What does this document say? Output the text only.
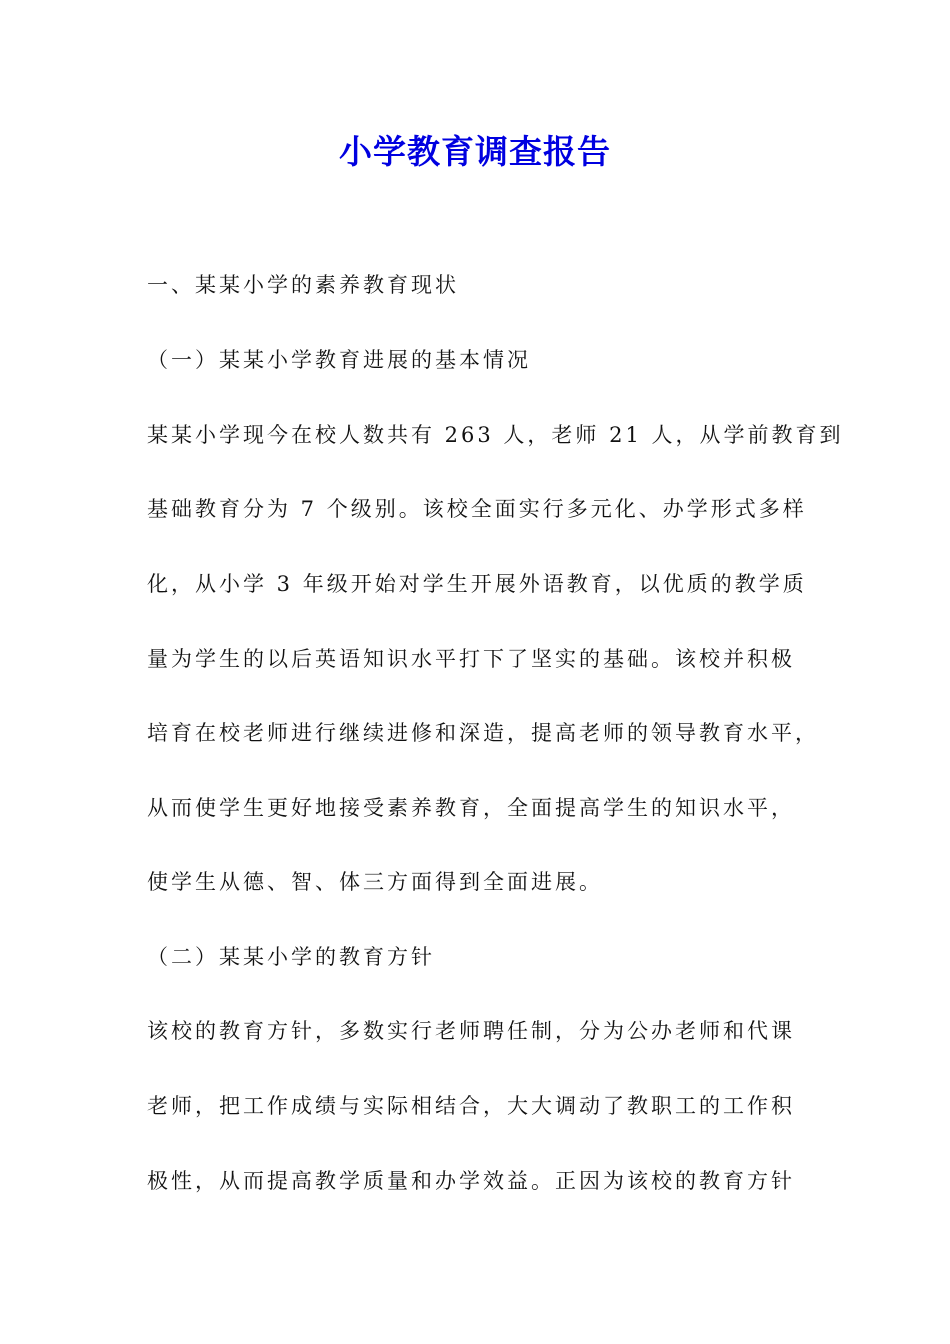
小学教育调查报告
一、某某小学的素养教育现状
（一）某某小学教育进展的基本情况
某某小学现今在校人数共有 263 人，老师 21 人，从学前教育到
基础教育分为 7 个级别。该校全面实行多元化、办学形式多样
化，从小学 3 年级开始对学生开展外语教育，以优质的教学质
量为学生的以后英语知识水平打下了坚实的基础。该校并积极
培育在校老师进行继续进修和深造，提高老师的领导教育水平，
从而使学生更好地接受素养教育，全面提高学生的知识水平，
使学生从德、智、体三方面得到全面进展。
（二）某某小学的教育方针
该校的教育方针，多数实行老师聘任制，分为公办老师和代课
老师，把工作成绩与实际相结合，大大调动了教职工的工作积
极性，从而提高教学质量和办学效益。正因为该校的教育方针
